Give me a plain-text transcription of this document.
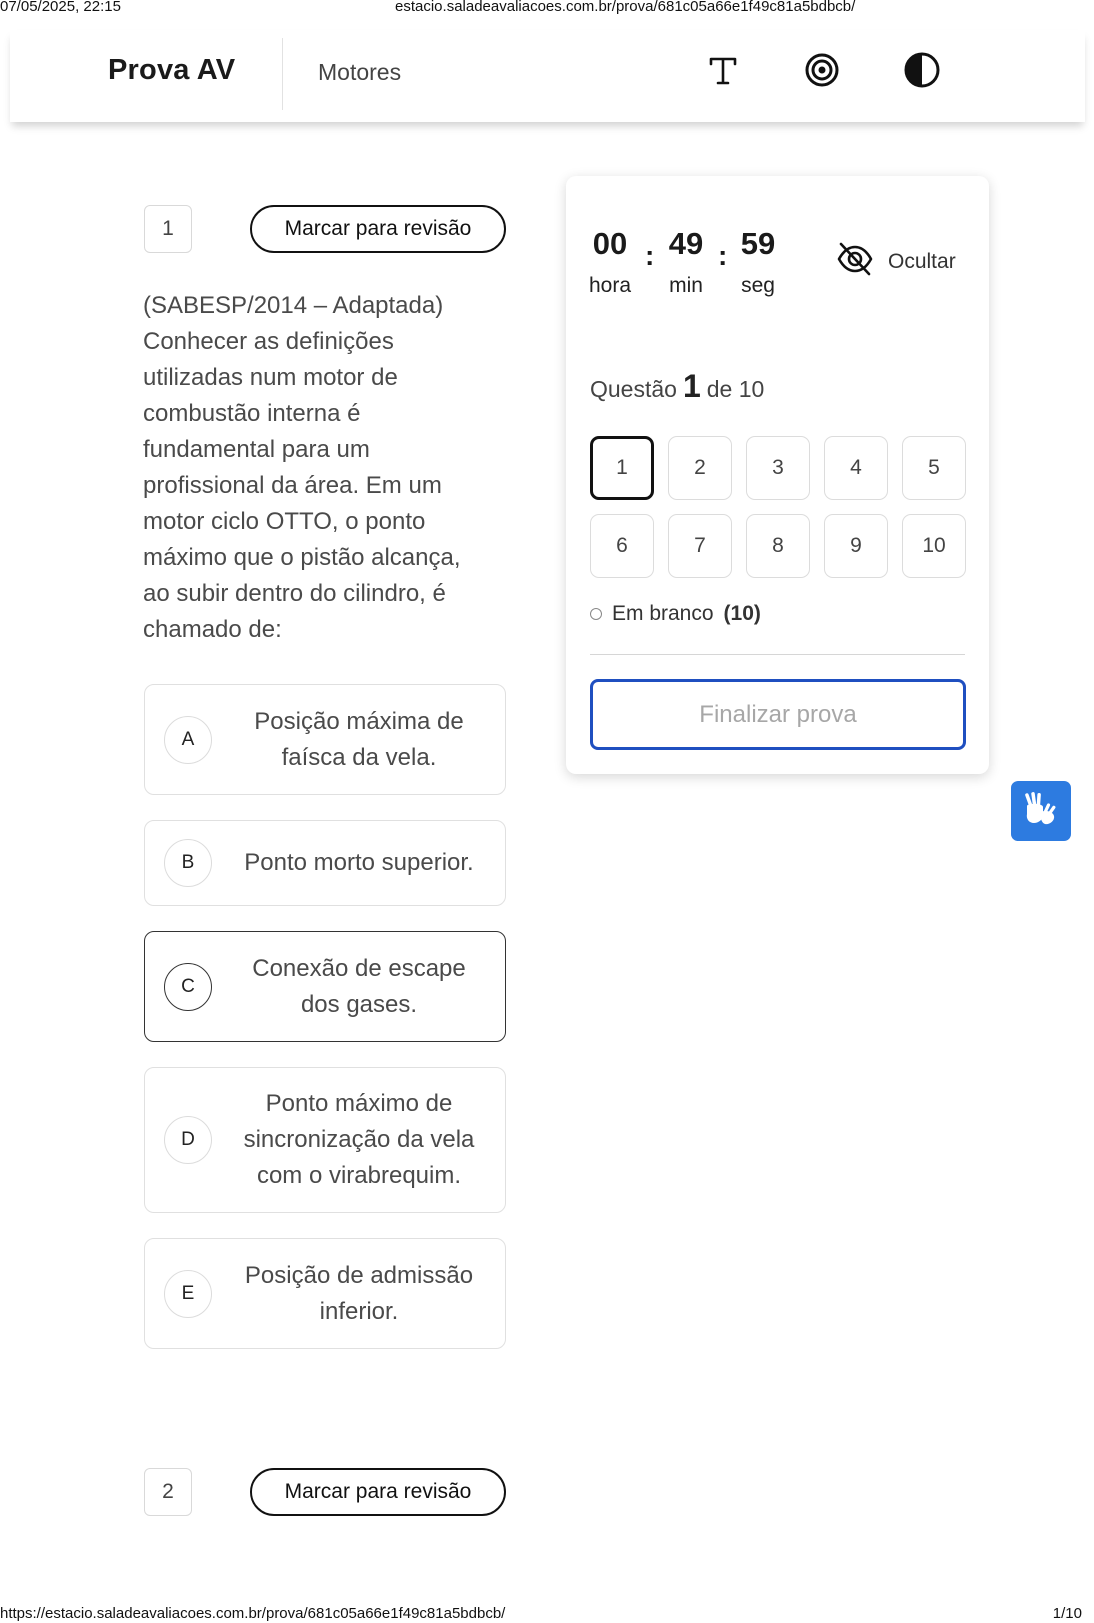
07/05/2025, 22:15	estacio.saladeavaliacoes.com.br/prova/681c05a66e1f49c81a5bdbcb/
Prova AV	Motores
1	Marcar para revisão
(SABESP/2014 – Adaptada) Conhecer as definições utilizadas num motor de combustão interna é fundamental para um profissional da área. Em um motor ciclo OTTO, o ponto máximo que o pistão alcança, ao subir dentro do cilindro, é chamado de:
A
Posição máxima de faísca da vela.
B	Ponto morto superior.
C
Conexão de escape dos gases.
D
Ponto máximo de sincronização da vela com o virabrequim.
E
Posição de admissão inferior.
2	Marcar para revisão
00
hora
: 49
min
: 59
seg
Ocultar
Questão 1 de 10
1	2	3	4	5
6	7	8	9	10
Em branco (10)
Finalizar prova
https://estacio.saladeavaliacoes.com.br/prova/681c05a66e1f49c81a5bdbcb/	1/10
